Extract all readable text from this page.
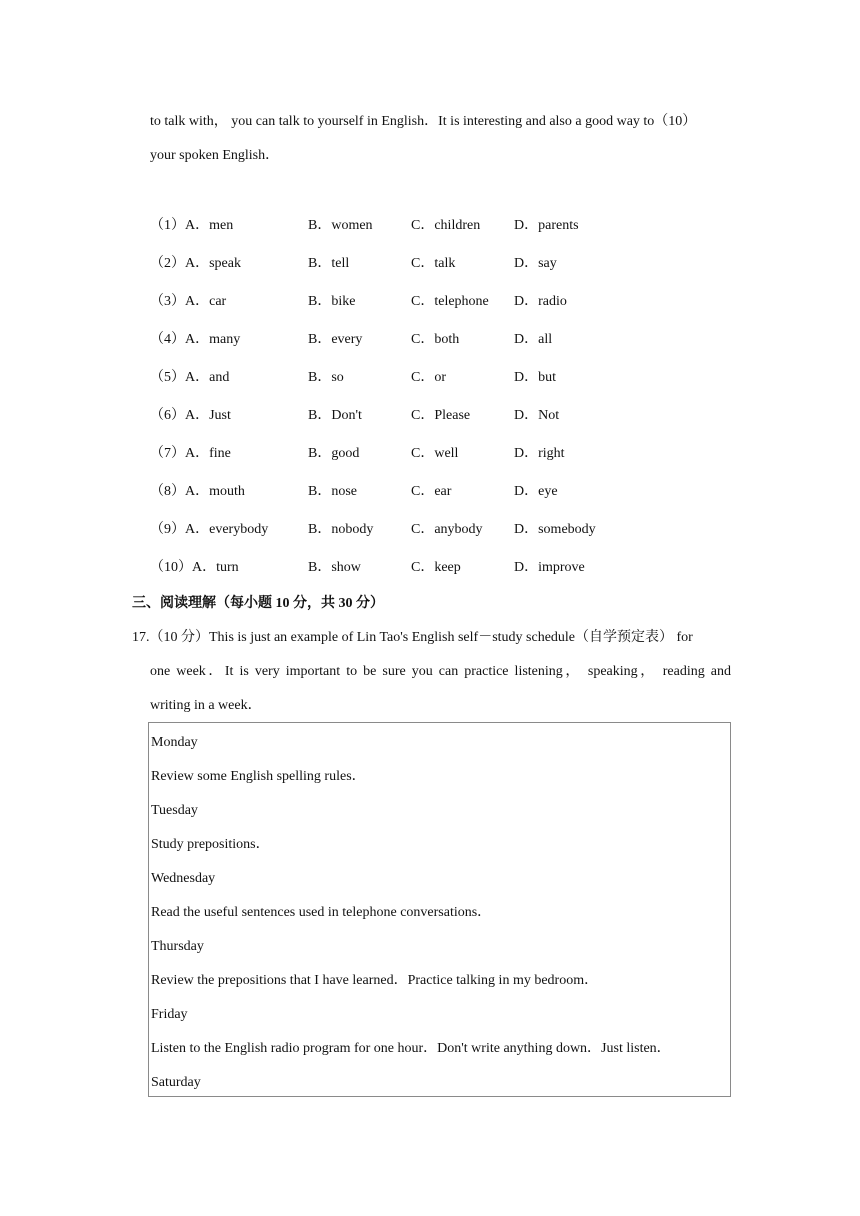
to talk with， you can talk to yourself in English．It is interesting and also a good way to（10）
your spoken English．
（1）A．men	B．women	C．children D．parents
（2）A．speak	B．tell	C．talk	D．say
（3）A．car	B．bike	C．telephone D．radio
（4）A．many	B．every	C．both	D．all
（5）A．and	B．so	C．or	D．but
（6）A．Just	B．Don't	C．Please	D．Not
（7）A．fine	B．good	C．well	D．right
（8）A．mouth	B．nose	C．ear	D．eye
（9）A．everybody	B．nobody	C．anybody D．somebody
（10）A．turn	B．show	C．keep	D．improve
三、阅读理解（每小题 10 分，共 30 分）
17.（10 分）This is just an example of Lin Tao's English self－study schedule（自学预定表） for
one week．It is very important to be sure you can practice listening， speaking， reading and
writing in a week．
Monday
Review some English spelling rules．
Tuesday
Study prepositions．
Wednesday
Read the useful sentences used in telephone conversations．
Thursday
Review the prepositions that I have learned．Practice talking in my bedroom．
Friday
Listen to the English radio program for one hour．Don't write anything down．Just listen．
Saturday
